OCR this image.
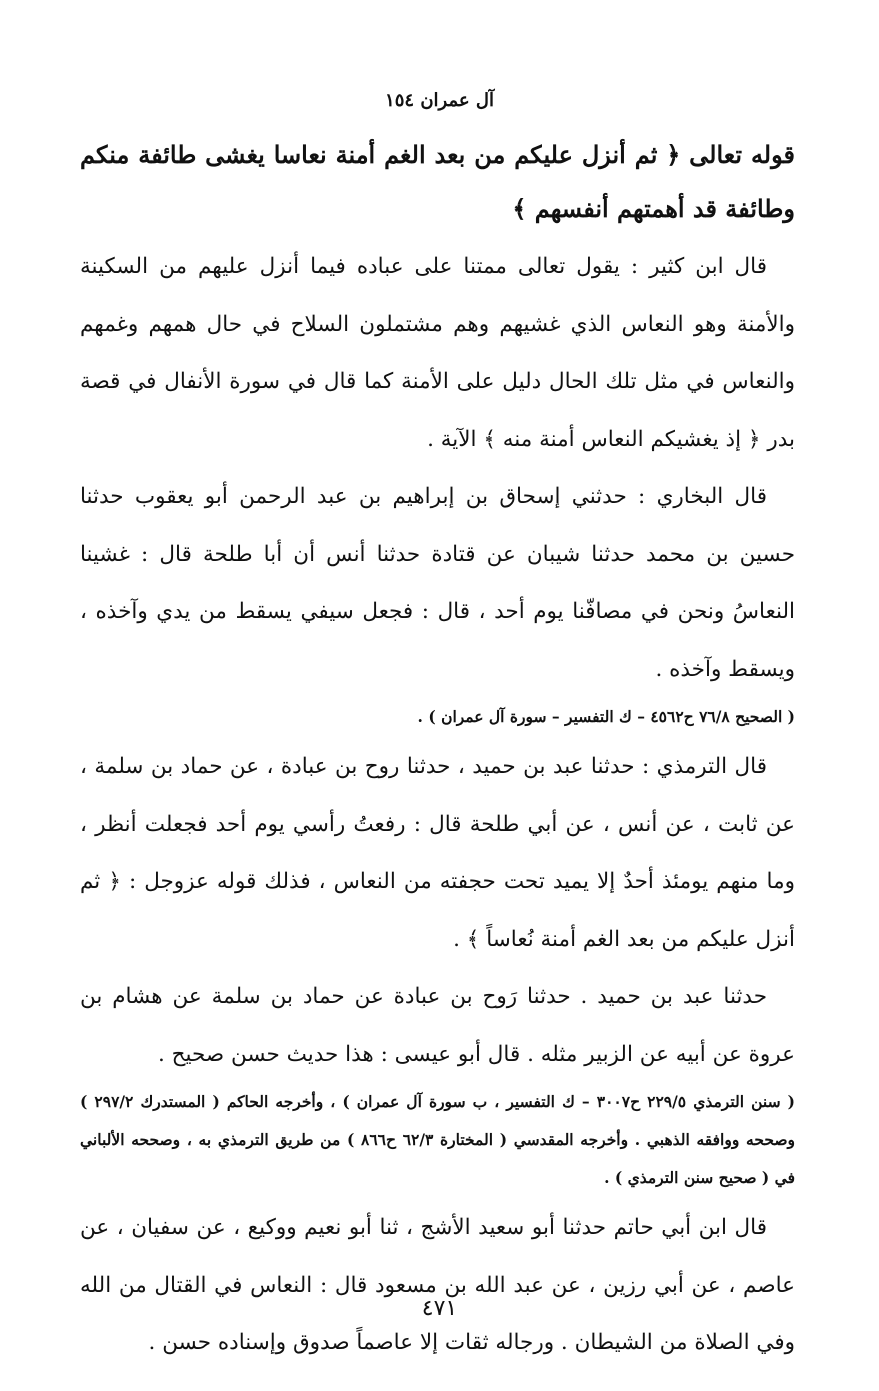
آل عمران ١٥٤

قوله تعالى ﴿ ثم أنزل عليكم من بعد الغم أمنة نعاسا يغشى طائفة منكم وطائفة قد أهمتهم أنفسهم ﴾

قال ابن كثير : يقول تعالى ممتنا على عباده فيما أنزل عليهم من السكينة والأمنة وهو النعاس الذي غشيهم وهم مشتملون السلاح في حال همهم وغمهم والنعاس في مثل تلك الحال دليل على الأمنة كما قال في سورة الأنفال في قصة بدر ﴿ إذ يغشيكم النعاس أمنة منه ﴾ الآية .

قال البخاري : حدثني إسحاق بن إبراهيم بن عبد الرحمن أبو يعقوب حدثنا حسين بن محمد حدثنا شيبان عن قتادة حدثنا أنس أن أبا طلحة قال : غشينا النعاسُ ونحن في مصافّنا يوم أحد ، قال : فجعل سيفي يسقط من يدي وآخذه ، ويسقط وآخذه .

( الصحيح ٧٦/٨ ح٤٥٦٢ – ك التفسير – سورة آل عمران ) .

قال الترمذي : حدثنا عبد بن حميد ، حدثنا روح بن عبادة ، عن حماد بن سلمة ، عن ثابت ، عن أنس ، عن أبي طلحة قال : رفعتُ رأسي يوم أحد فجعلت أنظر ، وما منهم يومئذ أحدٌ إلا يميد تحت حجفته من النعاس ، فذلك قوله عزوجل : ﴿ ثم أنزل عليكم من بعد الغم أمنة نُعاساً ﴾ .

حدثنا عبد بن حميد . حدثنا رَوح بن عبادة عن حماد بن سلمة عن هشام بن عروة عن أبيه عن الزبير مثله . قال أبو عيسى : هذا حديث حسن صحيح .

( سنن الترمذي ٢٢٩/٥ ح٣٠٠٧ – ك التفسير ، ب سورة آل عمران ) ، وأخرجه الحاكم ( المستدرك ٢٩٧/٢ ) وصححه ووافقه الذهبي . وأخرجه المقدسي ( المختارة ٦٢/٣ ح٨٦٦ ) من طريق الترمذي به ، وصححه الألباني في ( صحيح سنن الترمذي ) .

قال ابن أبي حاتم حدثنا أبو سعيد الأشج ، ثنا أبو نعيم ووكيع ، عن سفيان ، عن عاصم ، عن أبي رزين ، عن عبد الله بن مسعود قال : النعاس في القتال من الله وفي الصلاة من الشيطان . ورجاله ثقات إلا عاصماً صدوق وإسناده حسن .

٤٧١
